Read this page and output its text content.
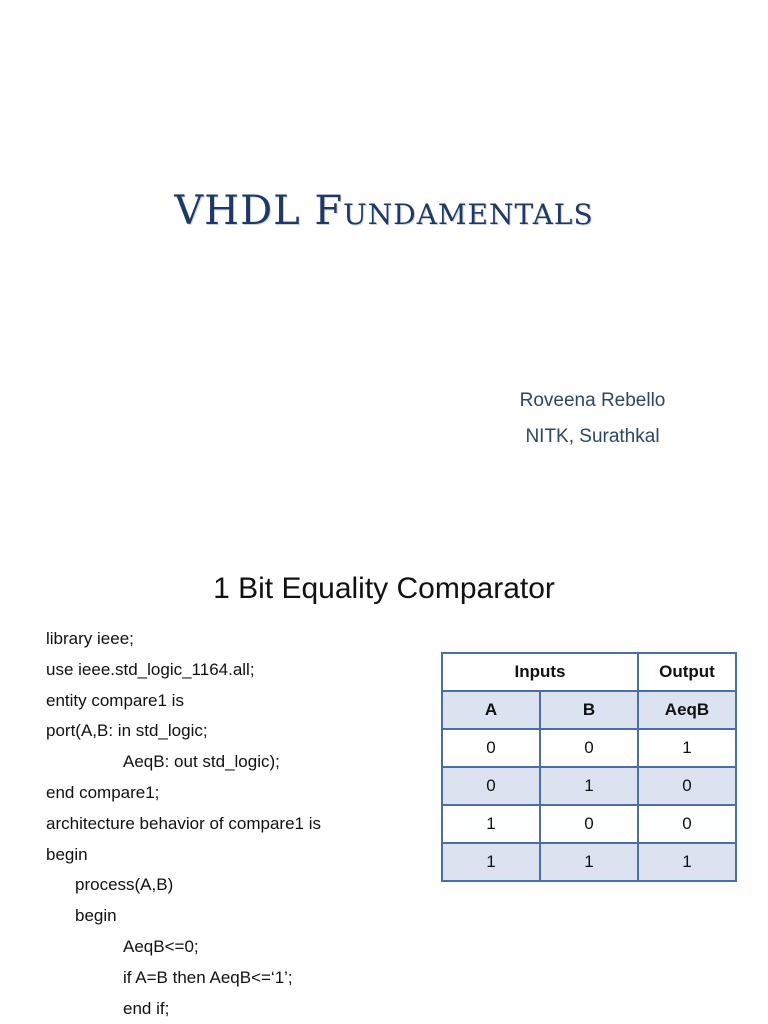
VHDL Fundamentals
Roveena Rebello
NITK, Surathkal
1 Bit Equality Comparator
library ieee;
use ieee.std_logic_1164.all;
entity compare1 is
port(A,B: in std_logic;
AeqB: out std_logic);
end compare1;
architecture behavior of compare1 is
begin
process(A,B)
begin
AeqB<=0;
if A=B then AeqB<=‘1’;
end if;
Inputs		Output
A	B	AeqB
0	0	1
0	1	0
1	0	0
1	1	1
